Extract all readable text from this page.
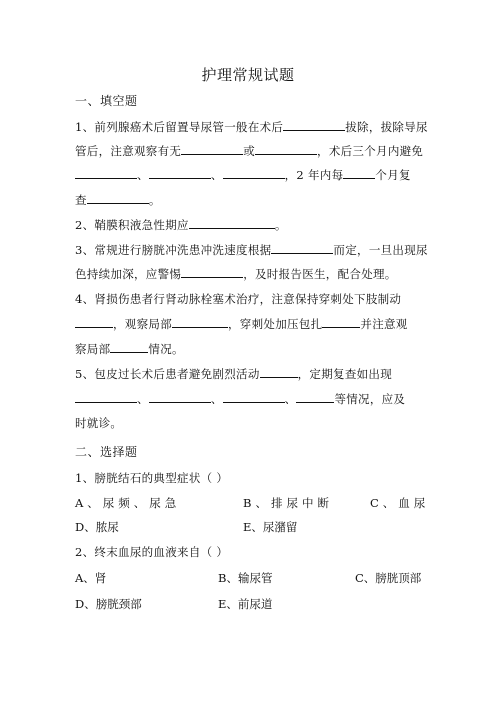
护理常规试题
一、填空题
1、前列腺癌术后留置导尿管一般在术后	拔除，拔除导尿
管后，注意观察有无	或	，术后三个月内避免
、	、	，2 年内每	个月复
查	。
2、鞘膜积液急性期应	。
3、常规进行膀胱冲洗患冲洗速度根据	而定，一旦出现尿
色持续加深，应警惕	，及时报告医生，配合处理。
4、肾损伤患者行肾动脉栓塞术治疗，注意保持穿刺处下肢制动
，观察局部	，穿刺处加压包扎	并注意观
察局部	情况。
5、包皮过长术后患者避免剧烈活动	，定期复查如出现
、	、	、	等情况，应及
时就诊。
二、选择题
1、膀胱结石的典型症状（ ）
A、尿频、尿急	B、排尿中断	C、血尿
D、脓尿	E、尿潴留
2、终末血尿的血液来自（ ）
A、肾	B、输尿管	C、膀胱顶部
D、膀胱颈部	E、前尿道
